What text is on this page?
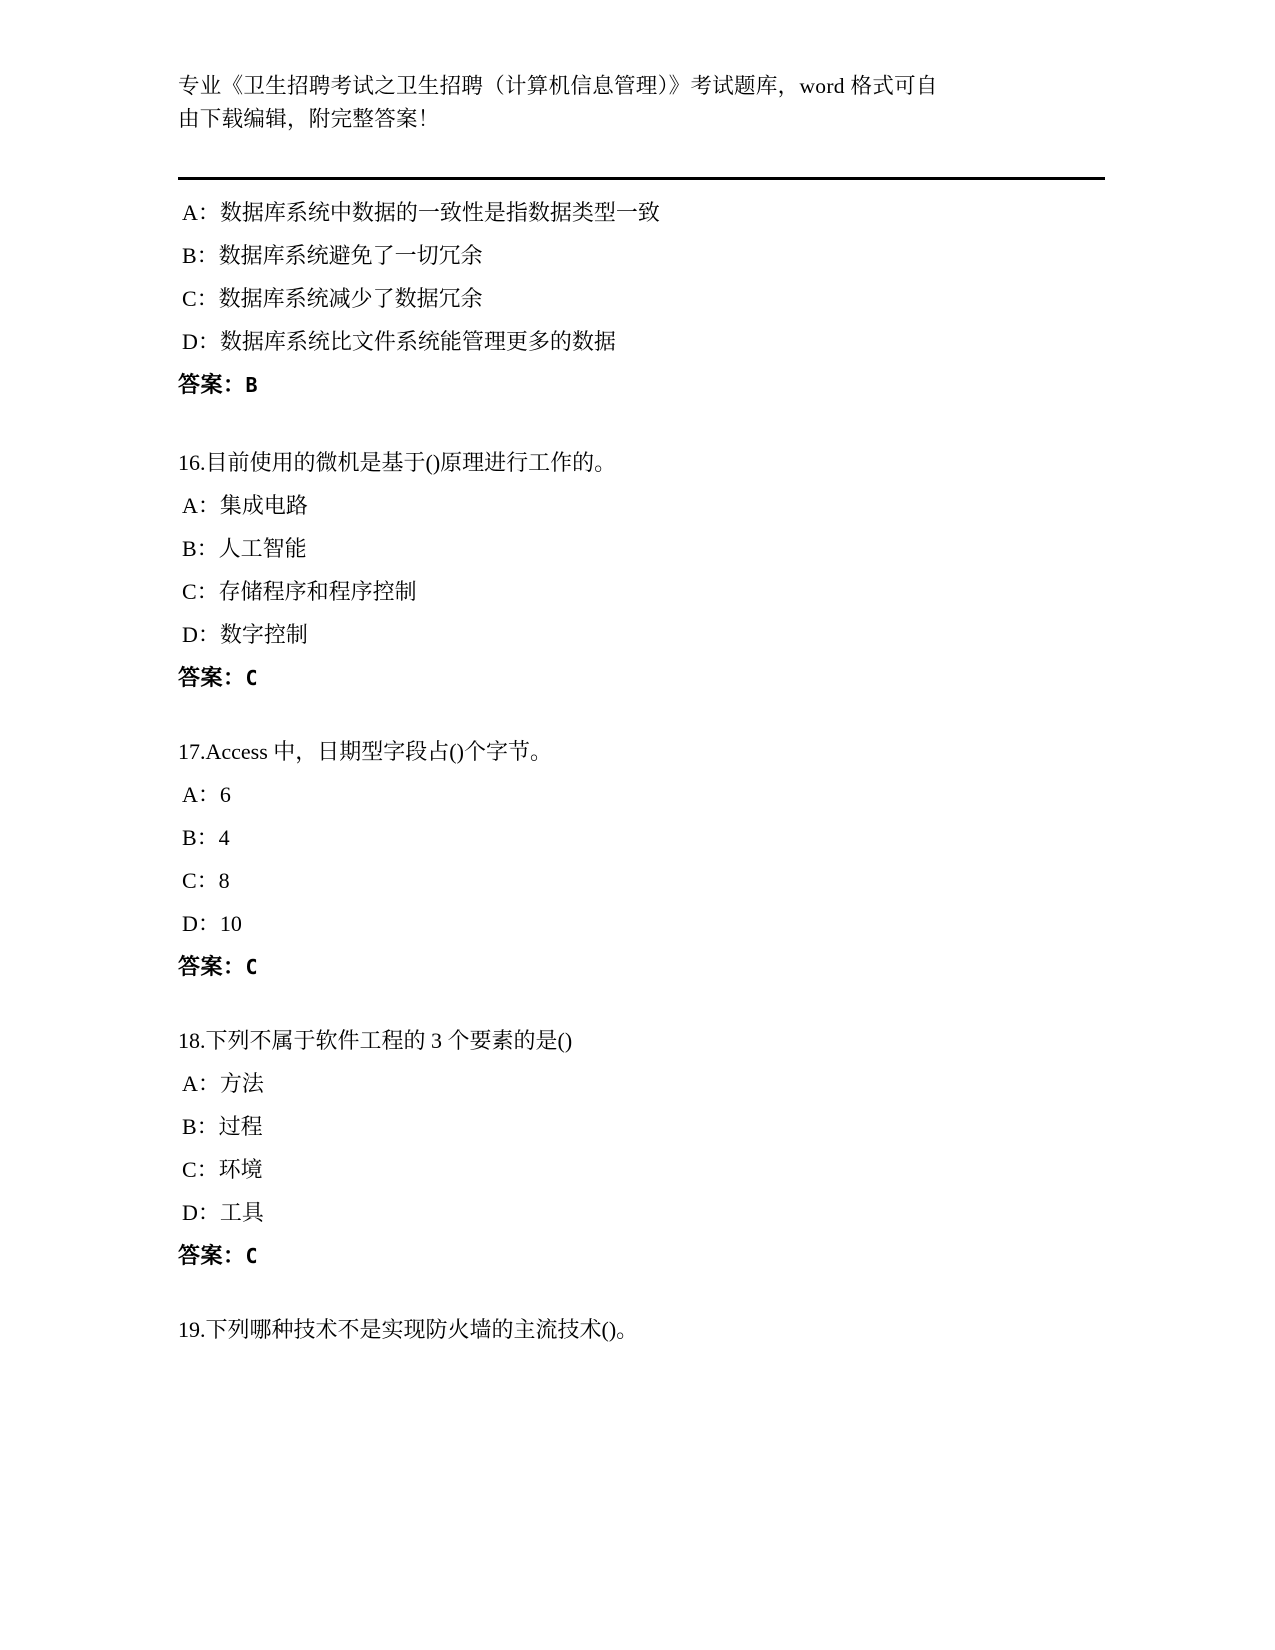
专业《卫生招聘考试之卫生招聘（计算机信息管理）》考试题库，word 格式可自

由下载编辑，附完整答案！

A：数据库系统中数据的一致性是指数据类型一致
B：数据库系统避免了一切冗余
C：数据库系统减少了数据冗余
D：数据库系统比文件系统能管理更多的数据
答案：B
16.目前使用的微机是基于()原理进行工作的。
A：集成电路
B：人工智能
C：存储程序和程序控制
D：数字控制
答案：C
17.Access 中，日期型字段占()个字节。
A：6
B：4
C：8
D：10
答案：C
18.下列不属于软件工程的 3 个要素的是()
A：方法
B：过程
C：环境
D：工具
答案：C
19.下列哪种技术不是实现防火墙的主流技术()。
